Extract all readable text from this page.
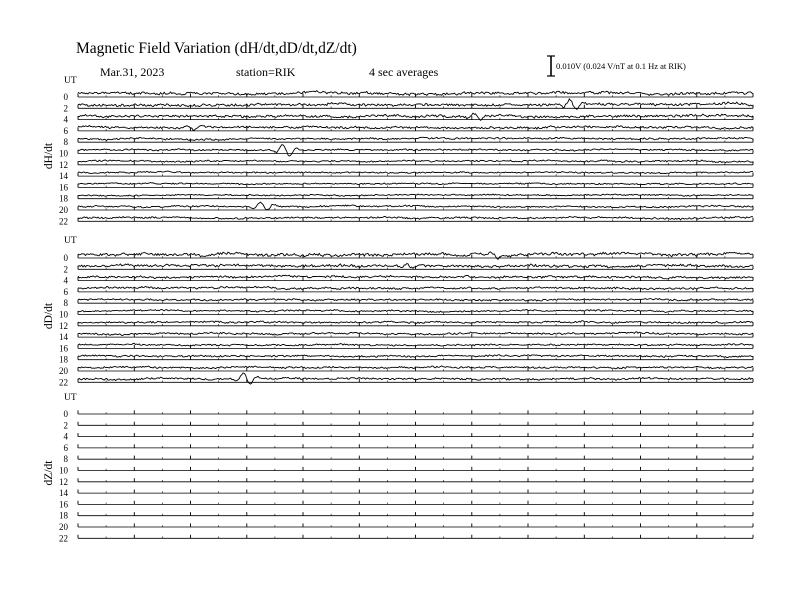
Magnetic Field Variation (dH/dt,dD/dt,dZ/dt)
Mar.31, 2023	station=RIK	4 sec averages	0.010V (0.024 V/nT at 0.1 Hz at RIK)
UT
dH/dt
0
2
4
6
8
10
12
14
16
18
20
22
UT
dD/dt
0
2
4
6
8
10
12
14
16
18
20
22
UT
dZ/dt
0
2
4
6
8
10
12
14
16
18
20
22
